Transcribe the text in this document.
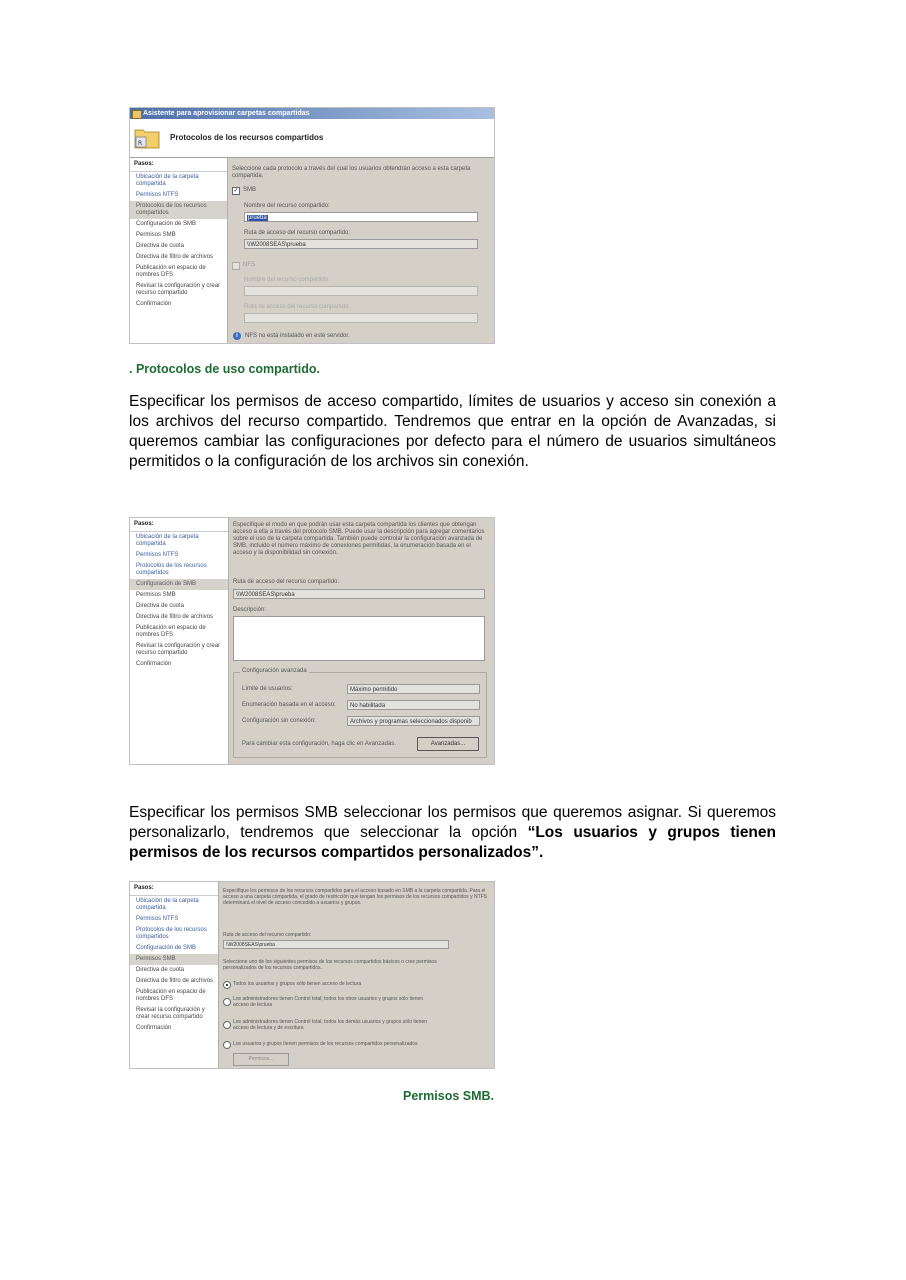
Asistente para aprovisionar carpetas compartidas
R
Protocolos de los recursos compartidos
Pasos:
Ubicación de la carpeta compartida
Permisos NTFS
Protocolos de los recursos compartidos
Configuración de SMB
Permisos SMB
Directiva de cuota
Directiva de filtro de archivos
Publicación en espacio de nombres DFS
Revisar la configuración y crear recurso compartido
Confirmación
Seleccione cada protocolo a través del cual los usuarios obtendrán acceso a esta carpeta compartida.
✓ SMB
Nombre del recurso compartido:
prueba
Ruta de acceso del recurso compartido:
\\W2008SEAS\prueba
NFS
Nombre del recurso compartido:
Ruta de acceso del recurso compartido:
i	NFS no está instalado en este servidor.
. Protocolos de uso compartido.

Especificar los permisos de acceso compartido, límites de usuarios y acceso sin conexión a los archivos del recurso compartido. Tendremos que entrar en la opción de Avanzadas, si queremos cambiar las configuraciones por defecto para el número de usuarios simultáneos permitidos o la configuración de los archivos sin conexión.

Pasos:
Ubicación de la carpeta compartida
Permisos NTFS
Protocolos de los recursos compartidos
Configuración de SMB
Permisos SMB
Directiva de cuota
Directiva de filtro de archivos
Publicación en espacio de nombres DFS
Revisar la configuración y crear recurso compartido
Confirmación
Especifique el modo en que podrán usar esta carpeta compartida los clientes que obtengan acceso a ella a través del protocolo SMB. Puede usar la descripción para agregar comentarios sobre el uso de la carpeta compartida. También puede controlar la configuración avanzada de SMB, incluido el número máximo de conexiones permitidas, la enumeración basada en el acceso y la disponibilidad sin conexión.
Ruta de acceso del recurso compartido:
\\W2008SEAS\prueba
Descripción:
Configuración avanzada
Límite de usuarios:	Máximo permitido
Enumeración basada en el acceso:	No habilitada
Configuración sin conexión:	Archivos y programas seleccionados disponib
Para cambiar esta configuración, haga clic en Avanzadas.	Avanzadas...

Especificar los permisos SMB seleccionar los permisos que queremos asignar. Si queremos personalizarlo, tendremos que seleccionar la opción “Los usuarios y grupos tienen permisos de los recursos compartidos personalizados”.

Pasos:
Ubicación de la carpeta compartida
Permisos NTFS
Protocolos de los recursos compartidos
Configuración de SMB
Permisos SMB
Directiva de cuota
Directiva de filtro de archivos
Publicación en espacio de nombres DFS
Revisar la configuración y crear recurso compartido
Confirmación
Especifique los permisos de los recursos compartidos para el acceso basado en SMB a la carpeta compartida. Para el acceso a una carpeta compartida, el grado de restricción que tengan los permisos de los recursos compartidos y NTFS determinará el nivel de acceso concedido a usuarios y grupos.
Ruta de acceso del recurso compartido:
\\W2008SEAS\prueba
Seleccione uno de los siguientes permisos de los recursos compartidos básicos o cree permisos personalizados de los recursos compartidos.
Todos los usuarios y grupos sólo tienen acceso de lectura
Los administradores tienen Control total; todos los otros usuarios y grupos sólo tienen acceso de lectura
Los administradores tienen Control total; todos los demás usuarios y grupos sólo tienen acceso de lectura y de escritura
Los usuarios y grupos tienen permisos de los recursos compartidos personalizados
Permisos...
Permisos SMB.
